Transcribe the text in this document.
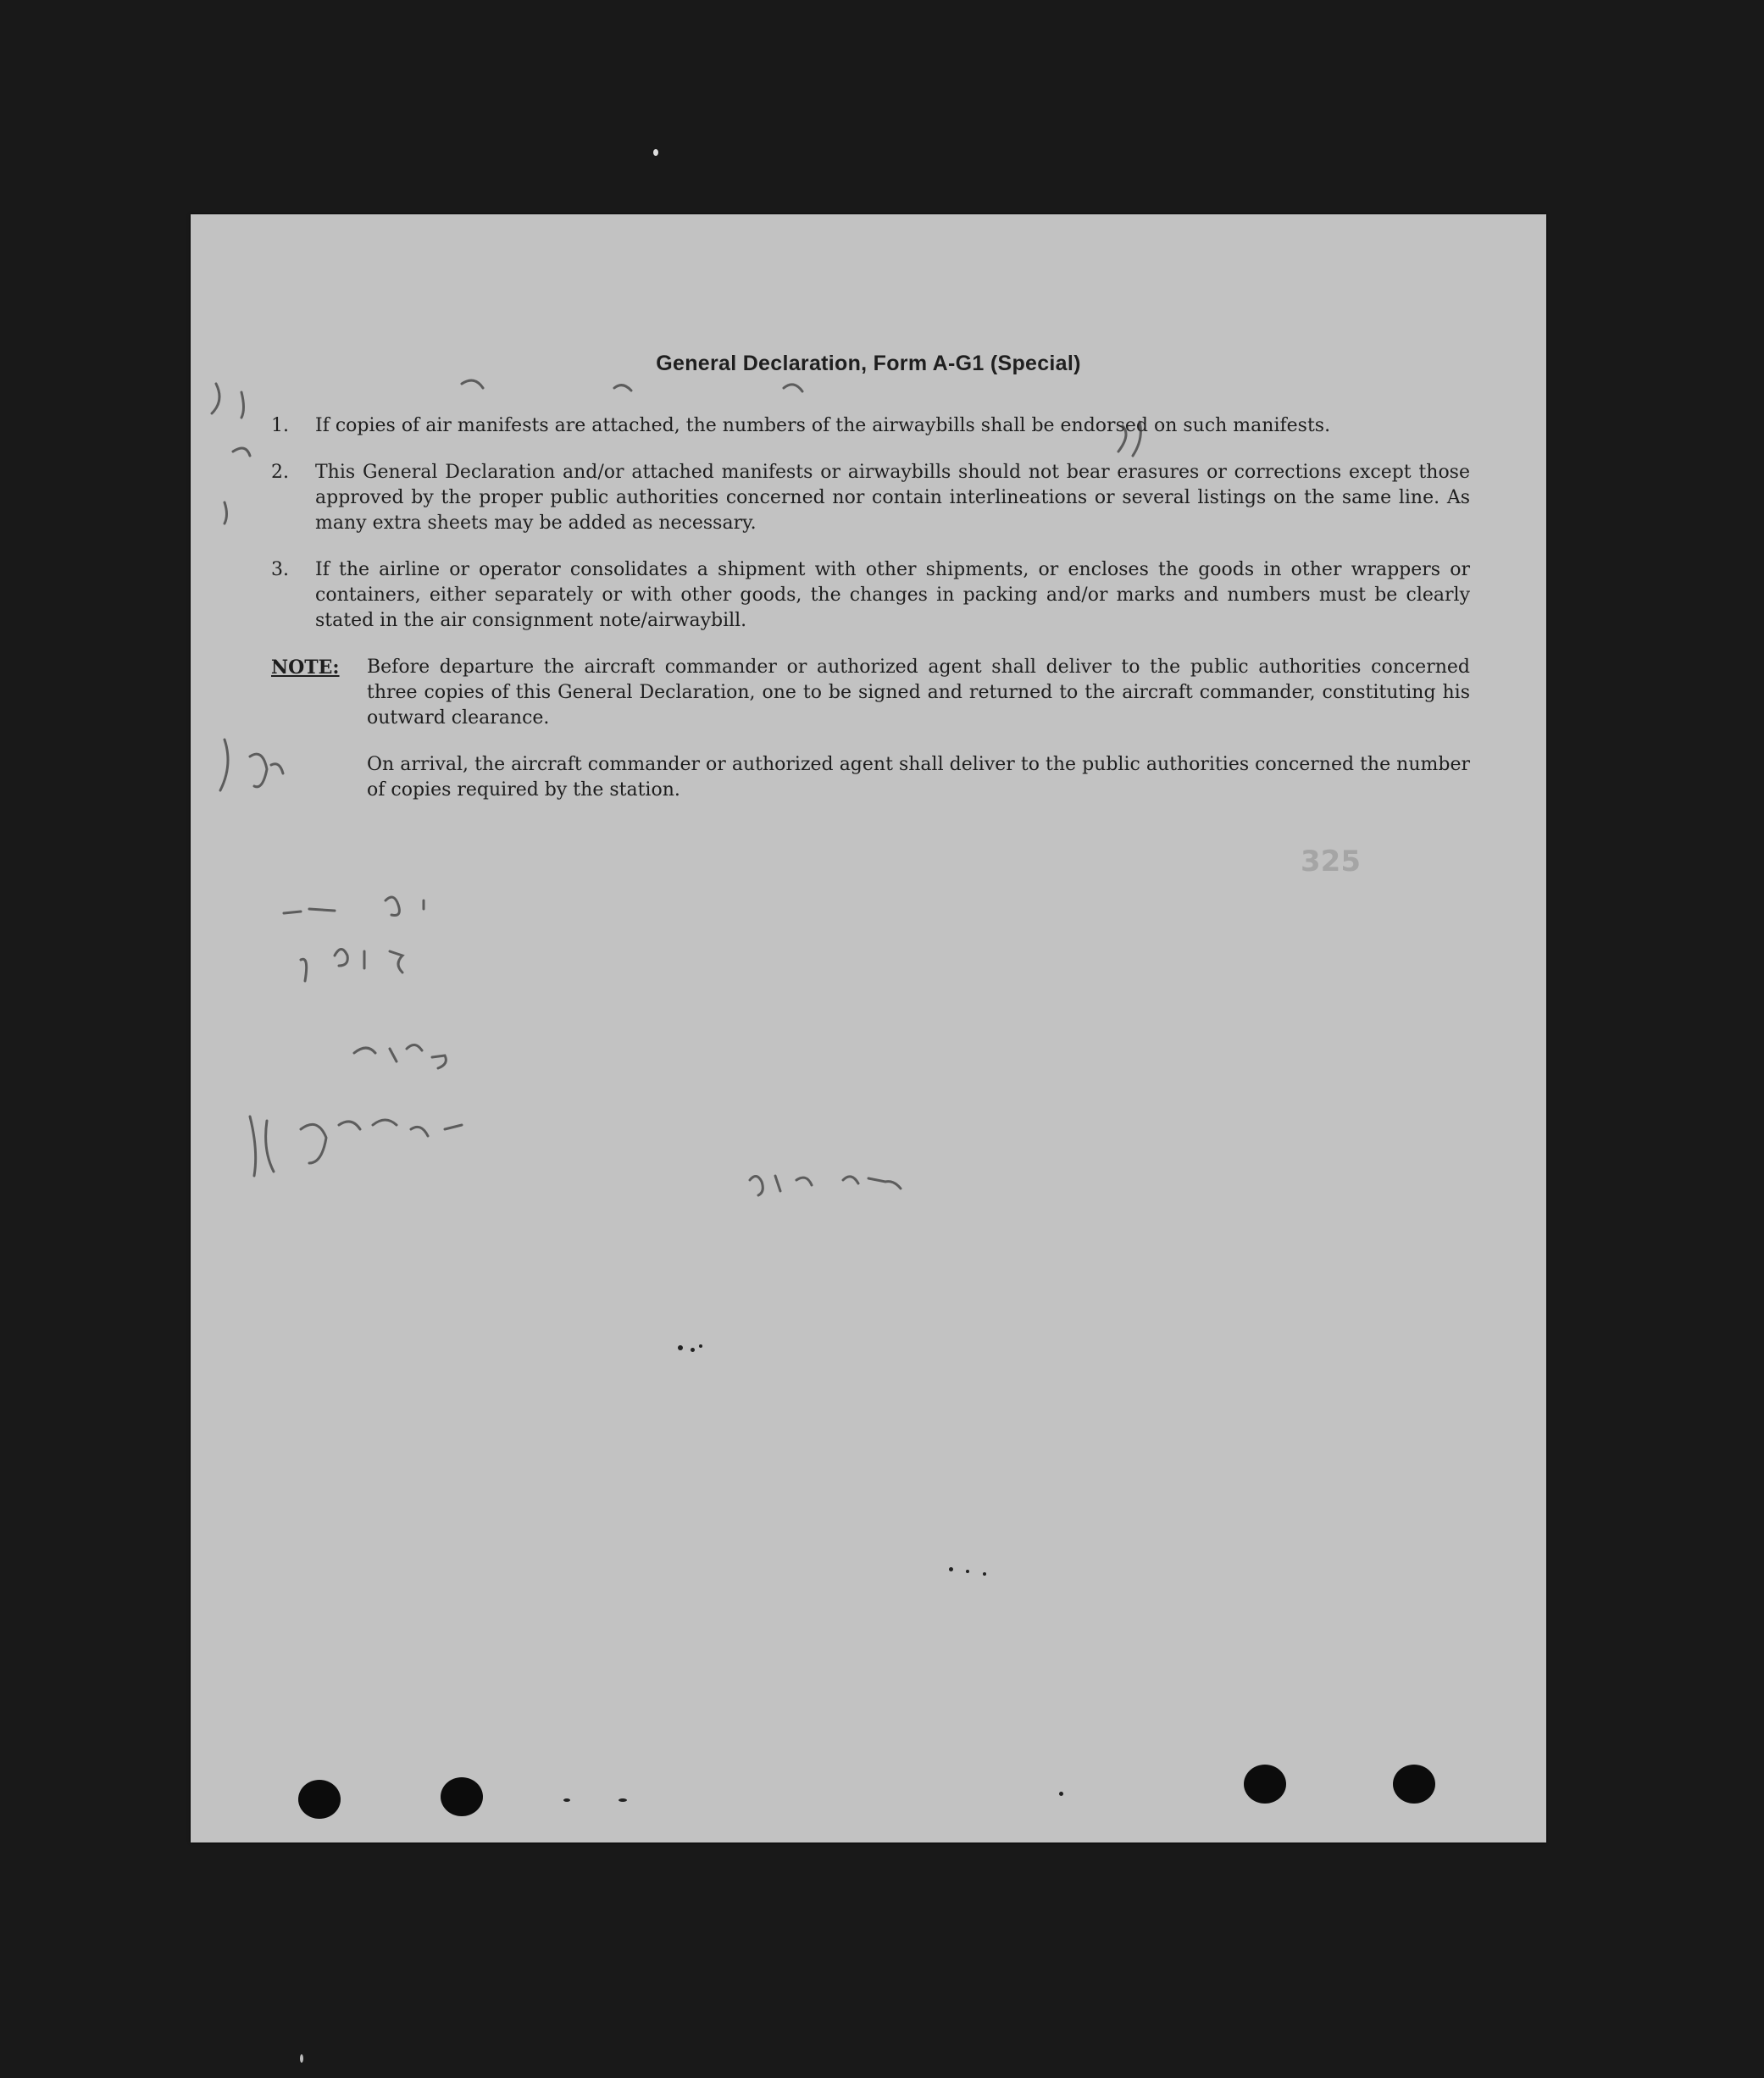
General Declaration, Form A-G1 (Special)
1.	If copies of air manifests are attached, the numbers of the airwaybills shall be endorsed on such manifests.
2.	This General Declaration and/or attached manifests or airwaybills should not bear erasures or corrections except those approved by the proper public authorities concerned nor contain interlineations or several listings on the same line. As many extra sheets may be added as necessary.
3.	If the airline or operator consolidates a shipment with other shipments, or encloses the goods in other wrappers or containers, either separately or with other goods, the changes in packing and/or marks and numbers must be clearly stated in the air consignment note/airwaybill.
NOTE: Before departure the aircraft commander or authorized agent shall deliver to the public authorities concerned three copies of this General Declaration, one to be signed and returned to the aircraft commander, constituting his outward clearance.
On arrival, the aircraft commander or authorized agent shall deliver to the public authorities concerned the number of copies required by the station.
325
